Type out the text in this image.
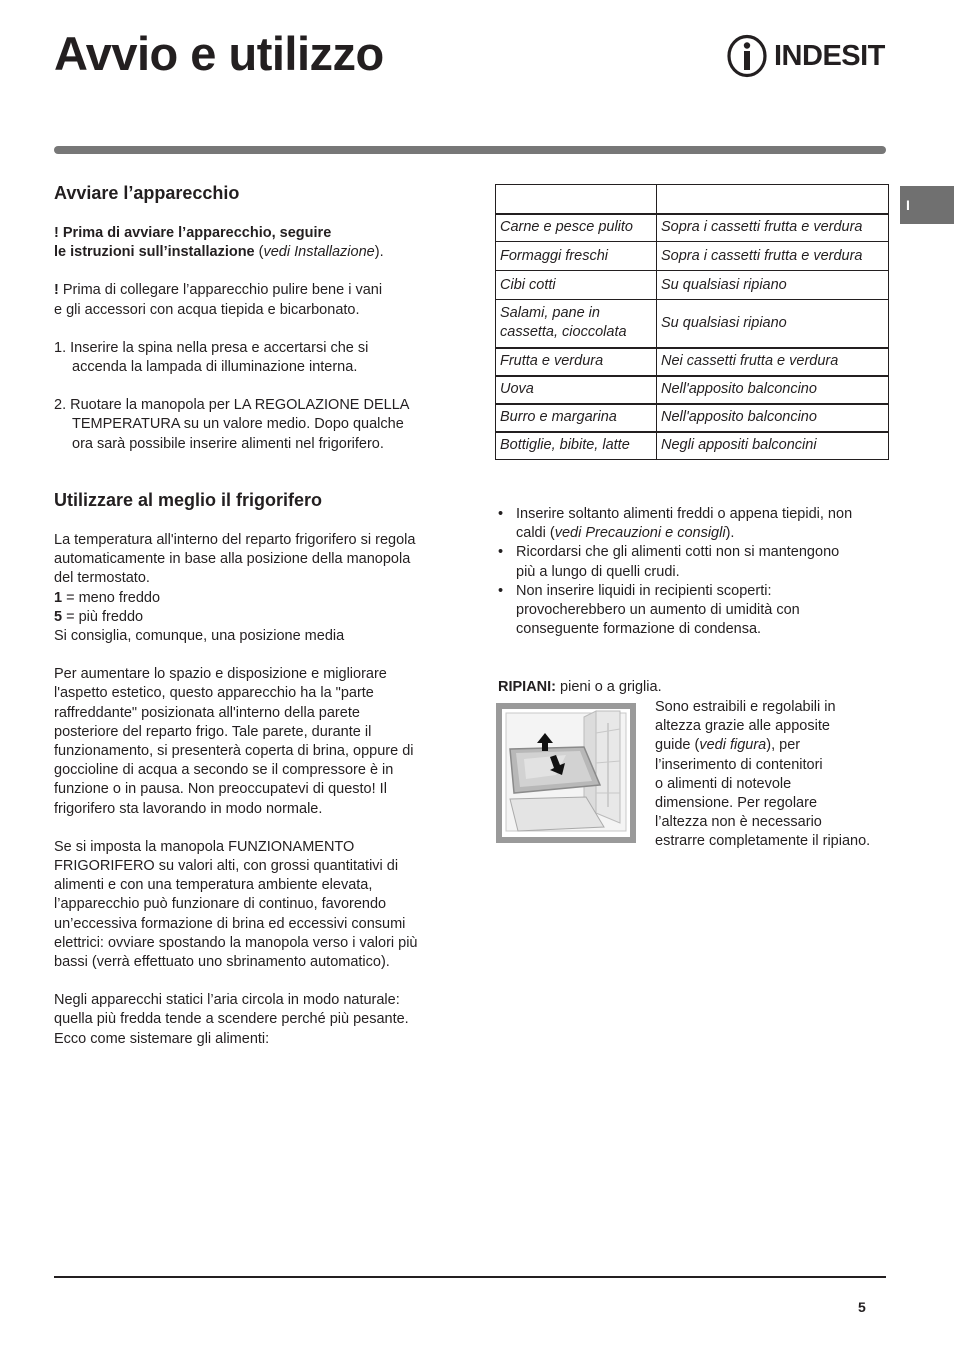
Avvio e utilizzo	INDESIT
I
Avviare l’apparecchio

! Prima di avviare l’apparecchio, seguire

le istruzioni sull’installazione (vedi Installazione).

! Prima di collegare l’apparecchio pulire bene i vani

e gli accessori con acqua tiepida e bicarbonato.

1. Inserire la spina nella presa e accertarsi che si

accenda la lampada di illuminazione interna.

2. Ruotare la manopola per LA REGOLAZIONE DELLA

TEMPERATURA su un valore medio. Dopo qualche

ora sarà possibile inserire alimenti nel frigorifero.

Utilizzare al meglio il frigorifero

La temperatura all'interno del reparto frigorifero si regola

automaticamente in base alla posizione della manopola

del termostato.

1 = meno freddo

5 = più freddo

Si consiglia, comunque, una posizione media

Per aumentare lo spazio e disposizione e migliorare

l'aspetto estetico, questo apparecchio ha la "parte

raffreddante" posizionata all'interno della parete

posteriore del reparto frigo. Tale parete, durante il

funzionamento, si presenterà coperta di brina, oppure di

goccioline di acqua a secondo se il compressore è in

funzione o in pausa. Non preoccupatevi di questo! Il

frigorifero sta lavorando in modo normale.

Se si imposta la manopola FUNZIONAMENTO

FRIGORIFERO su valori alti, con grossi quantitativi di

alimenti e con una temperatura ambiente elevata,

l’apparecchio può funzionare di continuo, favorendo

un’eccessiva formazione di brina ed eccessivi consumi

elettrici: ovviare spostando la manopola verso i valori più

bassi (verrà effettuato uno sbrinamento automatico).

Negli apparecchi statici l’aria circola in modo naturale:

quella più fredda tende a scendere perché più pesante.

Ecco come sistemare gli alimenti:

Carne e pesce pulito	Sopra i cassetti frutta e verdura
Formaggi freschi	Sopra i cassetti frutta e verdura
Cibi cotti	Su qualsiasi ripiano
Salami, pane in
cassetta, cioccolata	Su qualsiasi ripiano
Frutta e verdura	Nei cassetti frutta e verdura
Uova	Nell'apposito balconcino
Burro e margarina	Nell'apposito balconcino
Bottiglie, bibite, latte	Negli appositi balconcini
• Inserire soltanto alimenti freddi o appena tiepidi, non
caldi (vedi Precauzioni e consigli).
• Ricordarsi che gli alimenti cotti non si mantengono
più a lungo di quelli crudi.
• Non inserire liquidi in recipienti scoperti:
provocherebbero un aumento di umidità con
conseguente formazione di condensa.

RIPIANI: pieni o a griglia.

Sono estraibili e regolabili in

altezza grazie alle apposite

guide (vedi figura), per

l’inserimento di contenitori

o alimenti di notevole

dimensione. Per regolare

l’altezza non è necessario

estrarre completamente il ripiano.

5
